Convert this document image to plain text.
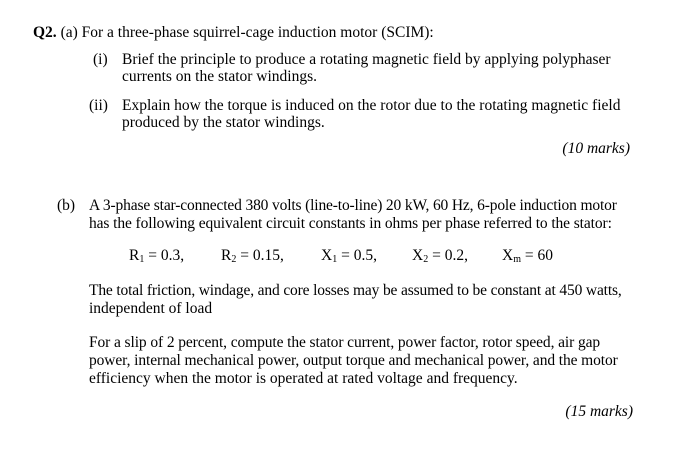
Q2. (a) For a three-phase squirrel-cage induction motor (SCIM):
(i) Brief the principle to produce a rotating magnetic field by applying polyphaser
currents on the stator windings.
(ii) Explain how the torque is induced on the rotor due to the rotating magnetic field
produced by the stator windings.
(10 marks)
(b) A 3-phase star-connected 380 volts (line-to-line) 20 kW, 60 Hz, 6-pole induction motor
has the following equivalent circuit constants in ohms per phase referred to the stator:
$R_1 = 0.3$, $R_2 = 0.15$, $X_1 = 0.5$, $X_2 = 0.2$, $X_m = 60$
The total friction, windage, and core losses may be assumed to be constant at 450 watts,
independent of load
For a slip of 2 percent, compute the stator current, power factor, rotor speed, air gap
power, internal mechanical power, output torque and mechanical power, and the motor
efficiency when the motor is operated at rated voltage and frequency.
(15 marks)
